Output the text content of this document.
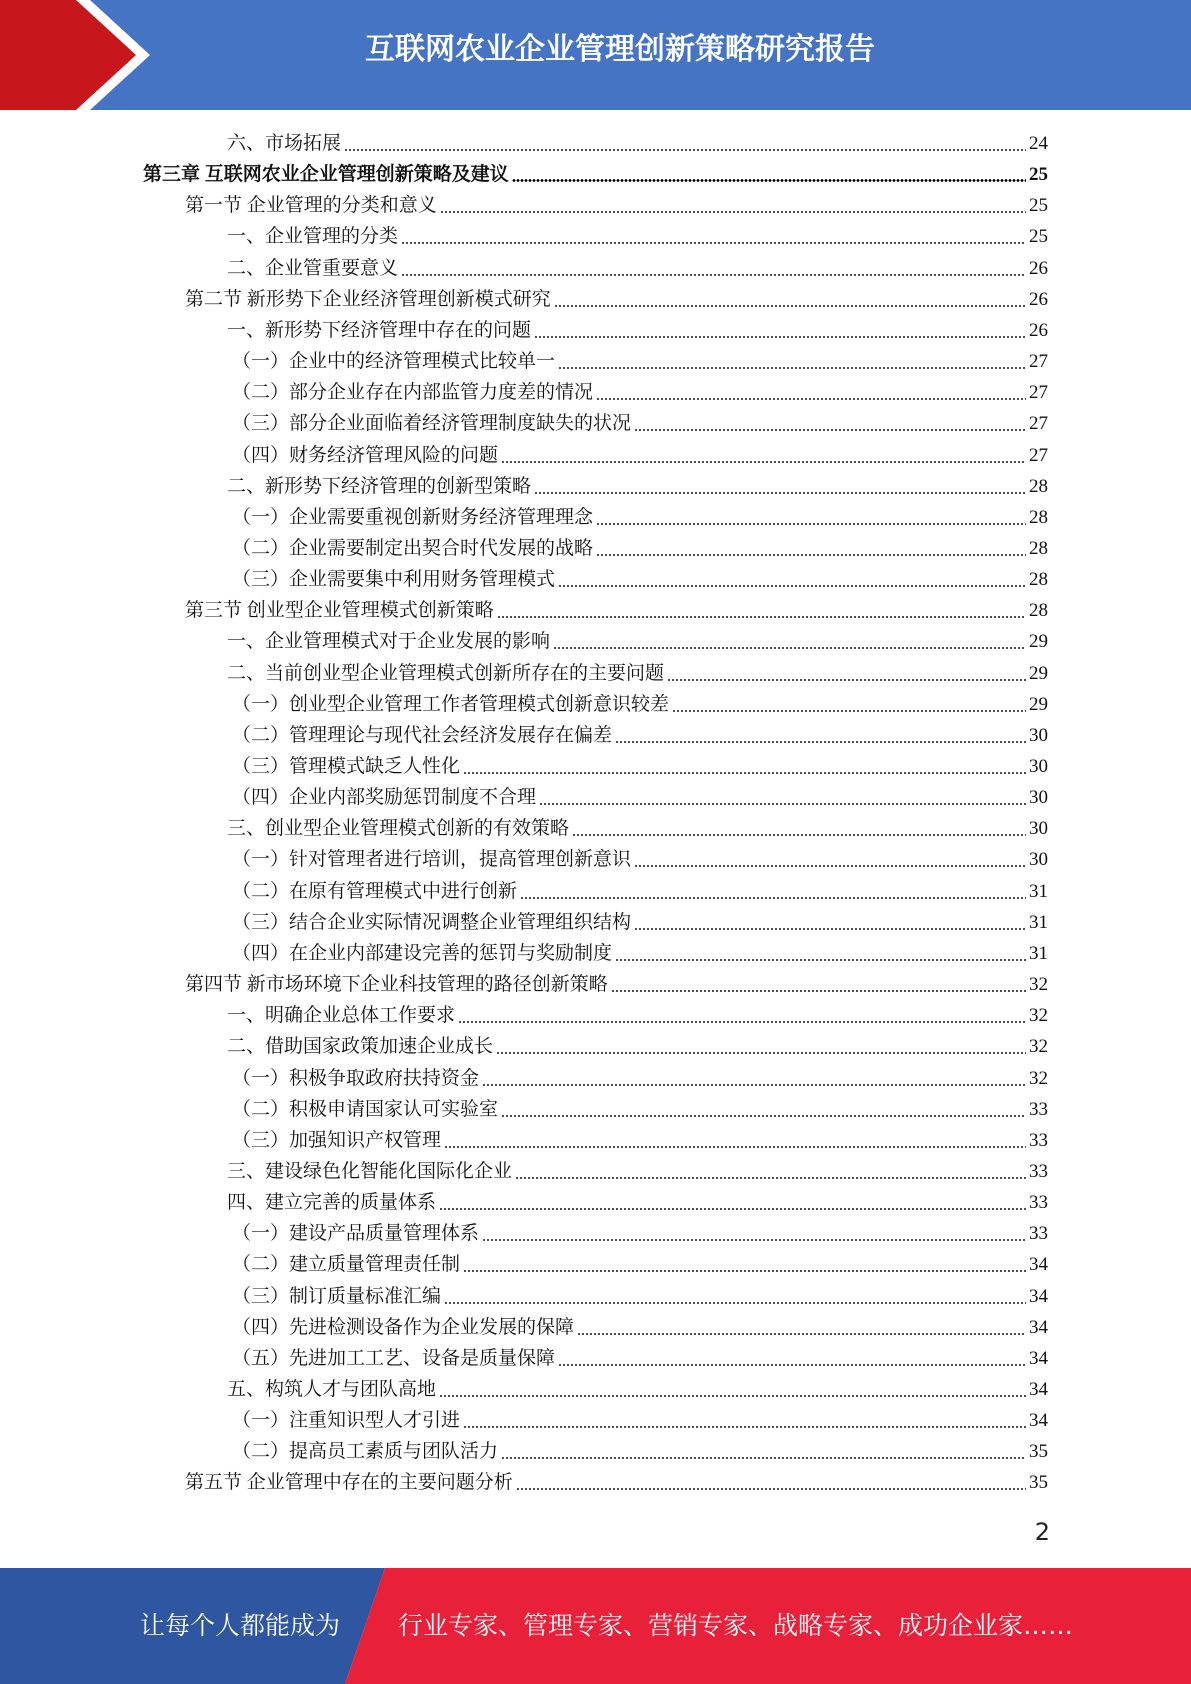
互联网农业企业管理创新策略研究报告
六、市场拓展	24
第三章 互联网农业企业管理创新策略及建议	25
第一节 企业管理的分类和意义	25
一、企业管理的分类	25
二、企业管重要意义	26
第二节 新形势下企业经济管理创新模式研究	26
一、新形势下经济管理中存在的问题	26
（一）企业中的经济管理模式比较单一	27
（二）部分企业存在内部监管力度差的情况	27
（三）部分企业面临着经济管理制度缺失的状况	27
（四）财务经济管理风险的问题	27
二、新形势下经济管理的创新型策略	28
（一）企业需要重视创新财务经济管理理念	28
（二）企业需要制定出契合时代发展的战略	28
（三）企业需要集中利用财务管理模式	28
第三节 创业型企业管理模式创新策略	28
一、企业管理模式对于企业发展的影响	29
二、当前创业型企业管理模式创新所存在的主要问题	29
（一）创业型企业管理工作者管理模式创新意识较差	29
（二）管理理论与现代社会经济发展存在偏差	30
（三）管理模式缺乏人性化	30
（四）企业内部奖励惩罚制度不合理	30
三、创业型企业管理模式创新的有效策略	30
（一）针对管理者进行培训，提高管理创新意识	30
（二）在原有管理模式中进行创新	31
（三）结合企业实际情况调整企业管理组织结构	31
（四）在企业内部建设完善的惩罚与奖励制度	31
第四节 新市场环境下企业科技管理的路径创新策略	32
一、明确企业总体工作要求	32
二、借助国家政策加速企业成长	32
（一）积极争取政府扶持资金	32
（二）积极申请国家认可实验室	33
（三）加强知识产权管理	33
三、建设绿色化智能化国际化企业	33
四、建立完善的质量体系	33
（一）建设产品质量管理体系	33
（二）建立质量管理责任制	34
（三）制订质量标准汇编	34
（四）先进检测设备作为企业发展的保障	34
（五）先进加工工艺、设备是质量保障	34
五、构筑人才与团队高地	34
（一）注重知识型人才引进	34
（二）提高员工素质与团队活力	35
第五节 企业管理中存在的主要问题分析	35
2
让每个人都能成为 行业专家、管理专家、营销专家、战略专家、成功企业家……
